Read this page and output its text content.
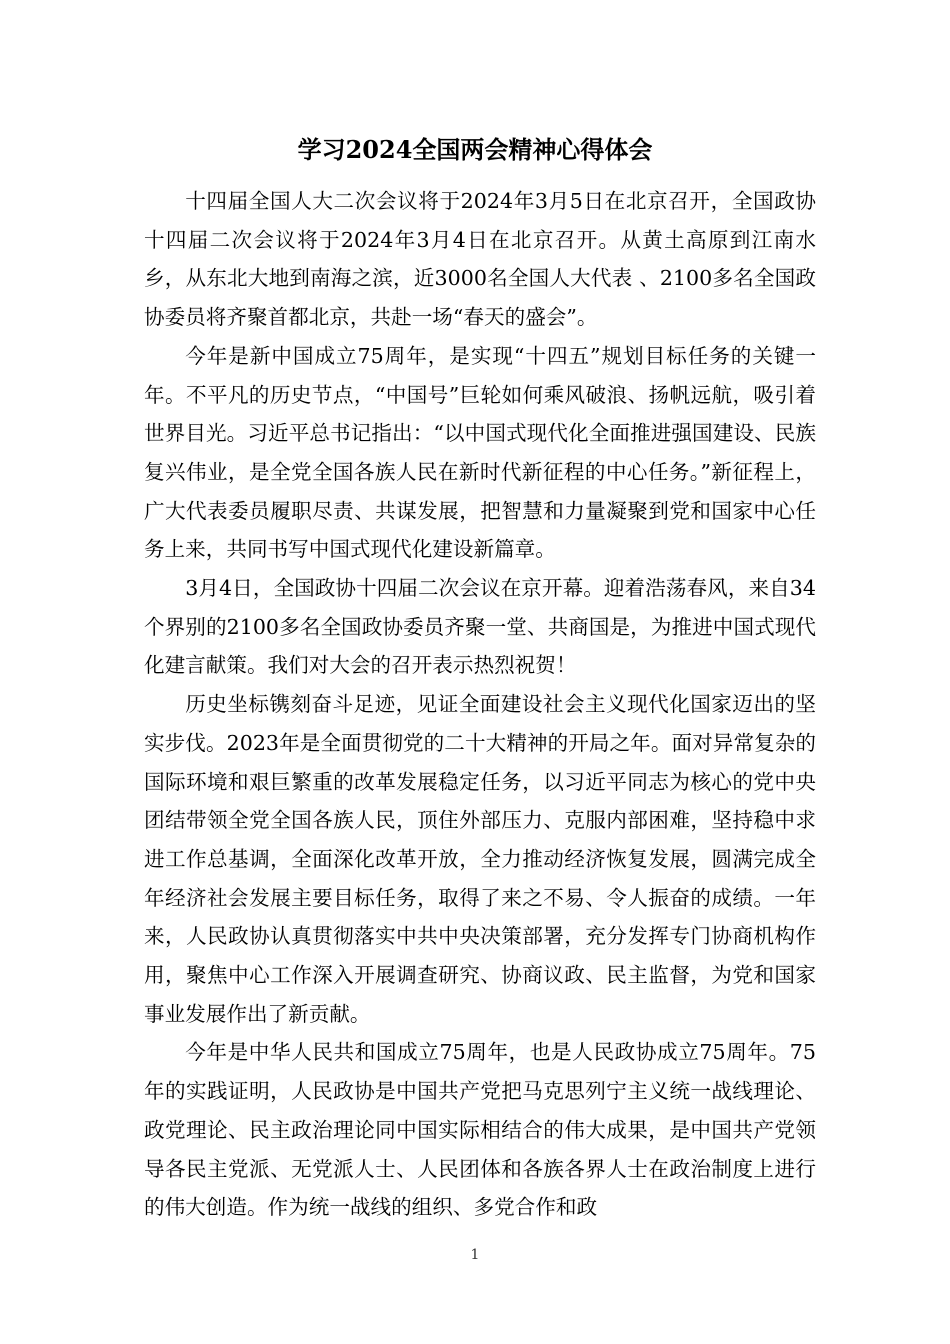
学习2024全国两会精神心得体会

十四届全国人大二次会议将于2024年3月5日在北京召开，全国政协十四届二次会议将于2024年3月4日在北京召开。从黄土高原到江南水乡，从东北大地到南海之滨，近3000名全国人大代表 、2100多名全国政协委员将齐聚首都北京，共赴一场“春天的盛会”。

今年是新中国成立75周年，是实现“十四五”规划目标任务的关键一年。不平凡的历史节点，“中国号”巨轮如何乘风破浪、扬帆远航，吸引着世界目光。习近平总书记指出：“以中国式现代化全面推进强国建设、民族复兴伟业，是全党全国各族人民在新时代新征程的中心任务。”新征程上，广大代表委员履职尽责、共谋发展，把智慧和力量凝聚到党和国家中心任务上来，共同书写中国式现代化建设新篇章。

3月4日，全国政协十四届二次会议在京开幕。迎着浩荡春风，来自34个界别的2100多名全国政协委员齐聚一堂、共商国是，为推进中国式现代化建言献策。我们对大会的召开表示热烈祝贺！

历史坐标镌刻奋斗足迹，见证全面建设社会主义现代化国家迈出的坚实步伐。2023年是全面贯彻党的二十大精神的开局之年。面对异常复杂的国际环境和艰巨繁重的改革发展稳定任务，以习近平同志为核心的党中央团结带领全党全国各族人民，顶住外部压力、克服内部困难，坚持稳中求进工作总基调，全面深化改革开放，全力推动经济恢复发展，圆满完成全年经济社会发展主要目标任务，取得了来之不易、令人振奋的成绩。一年来，人民政协认真贯彻落实中共中央决策部署，充分发挥专门协商机构作用，聚焦中心工作深入开展调查研究、协商议政、民主监督，为党和国家事业发展作出了新贡献。

今年是中华人民共和国成立75周年，也是人民政协成立75周年。75年的实践证明，人民政协是中国共产党把马克思列宁主义统一战线理论、政党理论、民主政治理论同中国实际相结合的伟大成果，是中国共产党领导各民主党派、无党派人士、人民团体和各族各界人士在政治制度上进行的伟大创造。作为统一战线的组织、多党合作和政

1
